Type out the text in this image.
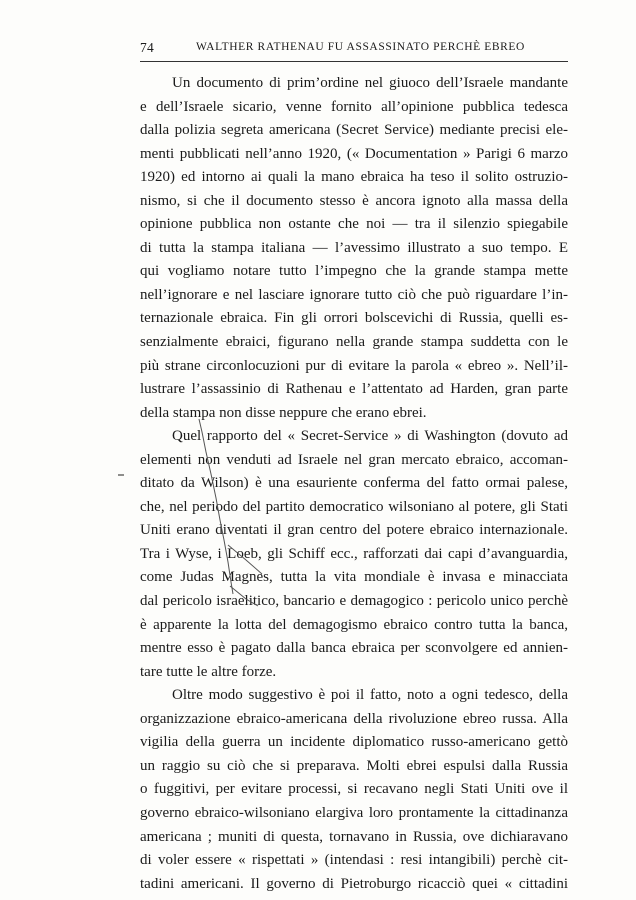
74	WALTHER RATHENAU FU ASSASSINATO PERCHÈ EBREO
Un documento di prim’ordine nel giuoco dell’Israele mandante
e dell’Israele sicario, venne fornito all’opinione pubblica tedesca
dalla polizia segreta americana (Secret Service) mediante precisi ele-
menti pubblicati nell’anno 1920, (« Documentation » Parigi 6 marzo
1920) ed intorno ai quali la mano ebraica ha teso il solito ostruzio-
nismo, si che il documento stesso è ancora ignoto alla massa della
opinione pubblica non ostante che noi — tra il silenzio spiegabile
di tutta la stampa italiana — l’avessimo illustrato a suo tempo. E
qui vogliamo notare tutto l’impegno che la grande stampa mette
nell’ignorare e nel lasciare ignorare tutto ciò che può riguardare l’in-
ternazionale ebraica. Fin gli orrori bolscevichi di Russia, quelli es-
senzialmente ebraici, figurano nella grande stampa suddetta con le
più strane circonlocuzioni pur di evitare la parola « ebreo ». Nell’il-
lustrare l’assassinio di Rathenau e l’attentato ad Harden, gran parte
della stampa non disse neppure che erano ebrei.
Quel rapporto del « Secret-Service » di Washington (dovuto ad
elementi non venduti ad Israele nel gran mercato ebraico, accoman-
ditato da Wilson) è una esauriente conferma del fatto ormai palese,
che, nel periodo del partito democratico wilsoniano al potere, gli Stati
Uniti erano diventati il gran centro del potere ebraico internazionale.
Tra i Wyse, i Loeb, gli Schiff ecc., rafforzati dai capi d’avanguardia,
come Judas Magnes, tutta la vita mondiale è invasa e minacciata
dal pericolo israelitico, bancario e demagogico : pericolo unico perchè
è apparente la lotta del demagogismo ebraico contro tutta la banca,
mentre esso è pagato dalla banca ebraica per sconvolgere ed annien-
tare tutte le altre forze.
Oltre modo suggestivo è poi il fatto, noto a ogni tedesco, della
organizzazione ebraico-americana della rivoluzione ebreo russa. Alla
vigilia della guerra un incidente diplomatico russo-americano gettò
un raggio su ciò che si preparava. Molti ebrei espulsi dalla Russia
o fuggitivi, per evitare processi, si recavano negli Stati Uniti ove il
governo ebraico-wilsoniano elargiva loro prontamente la cittadinanza
americana ; muniti di questa, tornavano in Russia, ove dichiaravano
di voler essere « rispettati » (intendasi : resi intangibili) perchè cit-
tadini americani. Il governo di Pietroburgo ricacciò quei « cittadini
